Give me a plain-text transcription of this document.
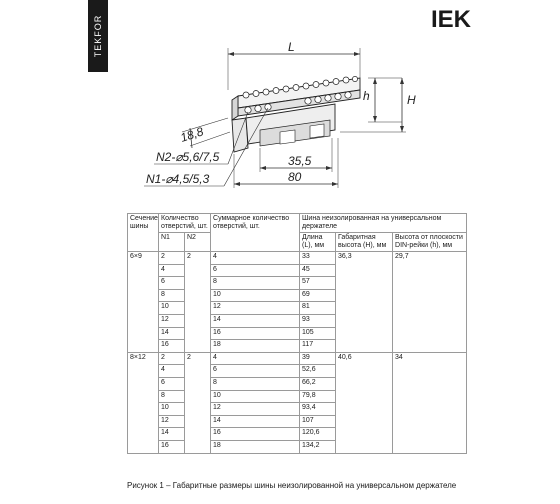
TEKFOR	IEK
L
h	H
18,8
N2-⌀5,6/7,5
N1-⌀4,5/5,3
35,5
80
Сечение шины	Количество отверстий, шт.		Суммарное количество отверстий, шт.	Шина неизолированная на универсальном держателе		
	N1	N2		Длина (L), мм	Габаритная высота (H), мм	Высота от плоскости DIN-рейки (h), мм
6×9	2	2	4	33	36,3	29,7
	4		6	45		
	6		8	57		
	8		10	69		
	10		12	81		
	12		14	93		
	14		16	105		
	16		18	117		
8×12	2	2	4	39	40,6	34
	4		6	52,6		
	6		8	66,2		
	8		10	79,8		
	10		12	93,4		
	12		14	107		
	14		16	120,6		
	16		18	134,2		
Рисунок 1 – Габаритные размеры шины неизолированной на универсальном держателе
